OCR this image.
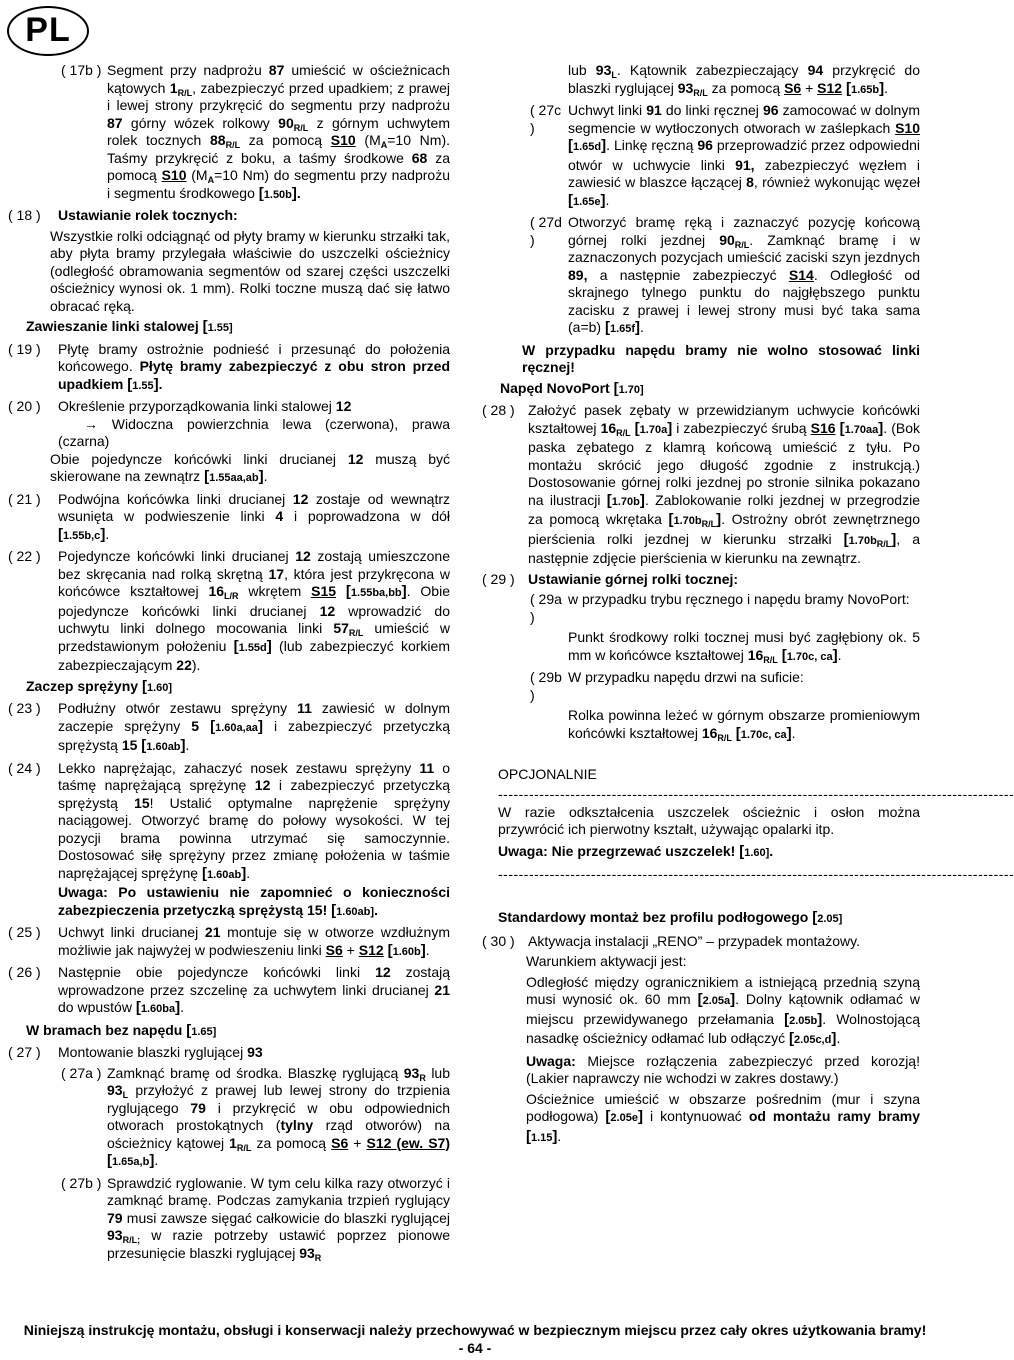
PL
( 17b ) Segment przy nadprożu 87 umieścić w ościeżnicach kątowych $1_{R/L}$, zabezpieczyć przed upadkiem; z prawej i lewej strony przykręcić do segmentu przy nadprożu 87 górny wózek rolkowy $90_{R/L}$ z górnym uchwytem rolek tocznych $88_{R/L}$ za pomocą S10 ($M_A=10$ Nm). Taśmy przykręcić z boku, a taśmy środkowe 68 za pomocą S10 ($M_A=10$ Nm) do segmentu przy nadprożu i segmentu środkowego [1.50b].
( 18 )	Ustawianie rolek tocznych:
Wszystkie rolki odciągnąć od płyty bramy w kierunku strzałki tak, aby płyta bramy przylegała właściwie do uszczelki ościeżnicy (odległość obramowania segmentów od szarej części uszczelki ościeżnicy wynosi ok. 1 mm). Rolki toczne muszą dać się łatwo obracać ręką.
Zawieszanie linki stalowej [1.55]
( 19 )	Płytę bramy ostrożnie podnieść i przesunąć do położenia końcowego. Płytę bramy zabezpieczyć z obu stron przed upadkiem [1.55].
( 20 )	Określenie przyporządkowania linki stalowej 12
→ Widoczna powierzchnia lewa (czerwona), prawa (czarna)
Obie pojedyncze końcówki linki drucianej 12 muszą być skierowane na zewnątrz [1.55aa,ab].
( 21 )	Podwójna końcówka linki drucianej 12 zostaje od wewnątrz wsunięta w podwieszenie linki 4 i poprowadzona w dół [1.55b,c].
( 22 )	Pojedyncze końcówki linki drucianej 12 zostają umieszczone bez skręcania nad rolką skrętną 17, która jest przykręcona w końcówce kształtowej $16_{L/R}$ wkrętem S15 [1.55ba,bb]. Obie pojedyncze końcówki linki drucianej 12 wprowadzić do uchwytu linki dolnego mocowania linki $57_{R/L}$ umieścić w przedstawionym położeniu [1.55d] (lub zabezpieczyć korkiem zabezpieczającym 22).
Zaczep sprężyny [1.60]
( 23 )	Podłużny otwór zestawu sprężyny 11 zawiesić w dolnym zaczepie sprężyny 5 [1.60a,aa] i zabezpieczyć przetyczką sprężystą 15 [1.60ab].
( 24 )	Lekko naprężając, zahaczyć nosek zestawu sprężyny 11 o taśmę naprężającą sprężynę 12 i zabezpieczyć przetyczką sprężystą 15! Ustalić optymalne naprężenie sprężyny naciągowej. Otworzyć bramę do połowy wysokości. W tej pozycji brama powinna utrzymać się samoczynnie. Dostosować siłę sprężyny przez zmianę położenia w taśmie naprężającej sprężynę [1.60ab].
Uwaga: Po ustawieniu nie zapomnieć o konieczności zabezpieczenia przetyczką sprężystą 15! [1.60ab].
( 25 )	Uchwyt linki drucianej 21 montuje się w otworze wzdłużnym możliwie jak najwyżej w podwieszeniu linki S6 + S12 [1.60b].
( 26 )	Następnie obie pojedyncze końcówki linki 12 zostają wprowadzone przez szczelinę za uchwytem linki drucianej 21 do wpustów [1.60ba].
W bramach bez napędu [1.65]
( 27 )	Montowanie blaszki ryglującej 93
( 27a ) Zamknąć bramę od środka. Blaszkę ryglującą $93_R$ lub $93_L$ przyłożyć z prawej lub lewej strony do trzpienia ryglującego 79 i przykręcić w obu odpowiednich otworach prostokątnych (tylny rząd otworów) na ościeżnicy kątowej $1_{R/L}$ za pomocą S6 + S12 (ew. S7) [1.65a,b].
( 27b ) Sprawdzić ryglowanie. W tym celu kilka razy otworzyć i zamknąć bramę. Podczas zamykania trzpień ryglujący 79 musi zawsze sięgać całkowicie do blaszki ryglującej $93_{R/L;}$ w razie potrzeby ustawić poprzez pionowe przesunięcie blaszki ryglującej $93_R$
lub $93_L$. Kątownik zabezpieczający 94 przykręcić do blaszki ryglującej $93_{R/L}$ za pomocą S6 + S12 [1.65b].
( 27c )
Uchwyt linki 91 do linki ręcznej 96 zamocować w dolnym segmencie w wytłoczonych otworach w zaślepkach S10 [1.65d]. Linkę ręczną 96 przeprowadzić przez odpowiedni otwór w uchwycie linki 91, zabezpieczyć węzłem i zawiesić w blaszce łączącej 8, również wykonując węzeł [1.65e].
( 27d )
Otworzyć bramę ręką i zaznaczyć pozycję końcową górnej rolki jezdnej $90_{R/L}$. Zamknąć bramę i w zaznaczonych pozycjach umieścić zaciski szyn jezdnych 89, a następnie zabezpieczyć S14. Odległość od skrajnego tylnego punktu do najgłębszego punktu zacisku z prawej i lewej strony musi być taka sama (a=b) [1.65f].
W przypadku napędu bramy nie wolno stosować linki ręcznej!
Napęd NovoPort [1.70]
( 28 ) Założyć pasek zębaty w przewidzianym uchwycie końcówki kształtowej $16_{R/L}$ [1.70a] i zabezpieczyć śrubą S16 [1.70aa]. (Bok paska zębatego z klamrą końcową umieścić z tyłu. Po montażu skrócić jego długość zgodnie z instrukcją.) Dostosowanie górnej rolki jezdnej po stronie silnika pokazano na ilustracji [1.70b]. Zablokowanie rolki jezdnej w przegrodzie za pomocą wkrętaka $[1.70b_{R/L}]$. Ostrożny obrót zewnętrznego pierścienia rolki jezdnej w kierunku strzałki $[1.70b_{R/L}]$, a następnie zdjęcie pierścienia w kierunku na zewnątrz.
( 29 ) Ustawianie górnej rolki tocznej:
( 29a )
w przypadku trybu ręcznego i napędu bramy NovoPort:
Punkt środkowy rolki tocznej musi być zagłębiony ok. 5 mm w końcówce kształtowej $16_{R/L}$ [1.70c, ca].
( 29b )
W przypadku napędu drzwi na suficie:
Rolka powinna leżeć w górnym obszarze promieniowym końcówki kształtowej $16_{R/L}$ [1.70c, ca].
OPCJONALNIE
----------------------------------------------------------------------------------------------------
W razie odkształcenia uszczelek ościeżnic i osłon można przywrócić ich pierwotny kształt, używając opalarki itp.
Uwaga: Nie przegrzewać uszczelek! [1.60].
----------------------------------------------------------------------------------------------------
Standardowy montaż bez profilu podłogowego [2.05]
( 30 ) Aktywacja instalacji „RENO” – przypadek montażowy.
Warunkiem aktywacji jest:
Odległość między ogranicznikiem a istniejącą przednią szyną musi wynosić ok. 60 mm [2.05a]. Dolny kątownik odłamać w miejscu przewidywanego przełamania [2.05b]. Wolnostojącą nasadkę ościeżnicy odłamać lub odłączyć [2.05c,d].
Uwaga: Miejsce rozłączenia zabezpieczyć przed korozją! (Lakier naprawczy nie wchodzi w zakres dostawy.)
Ościeżnice umieścić w obszarze pośrednim (mur i szyna podłogowa) [2.05e] i kontynuować od montażu ramy bramy [1.15].
Niniejszą instrukcję montażu, obsługi i konserwacji należy przechowywać w bezpiecznym miejscu przez cały okres użytkowania bramy!
- 64 -
